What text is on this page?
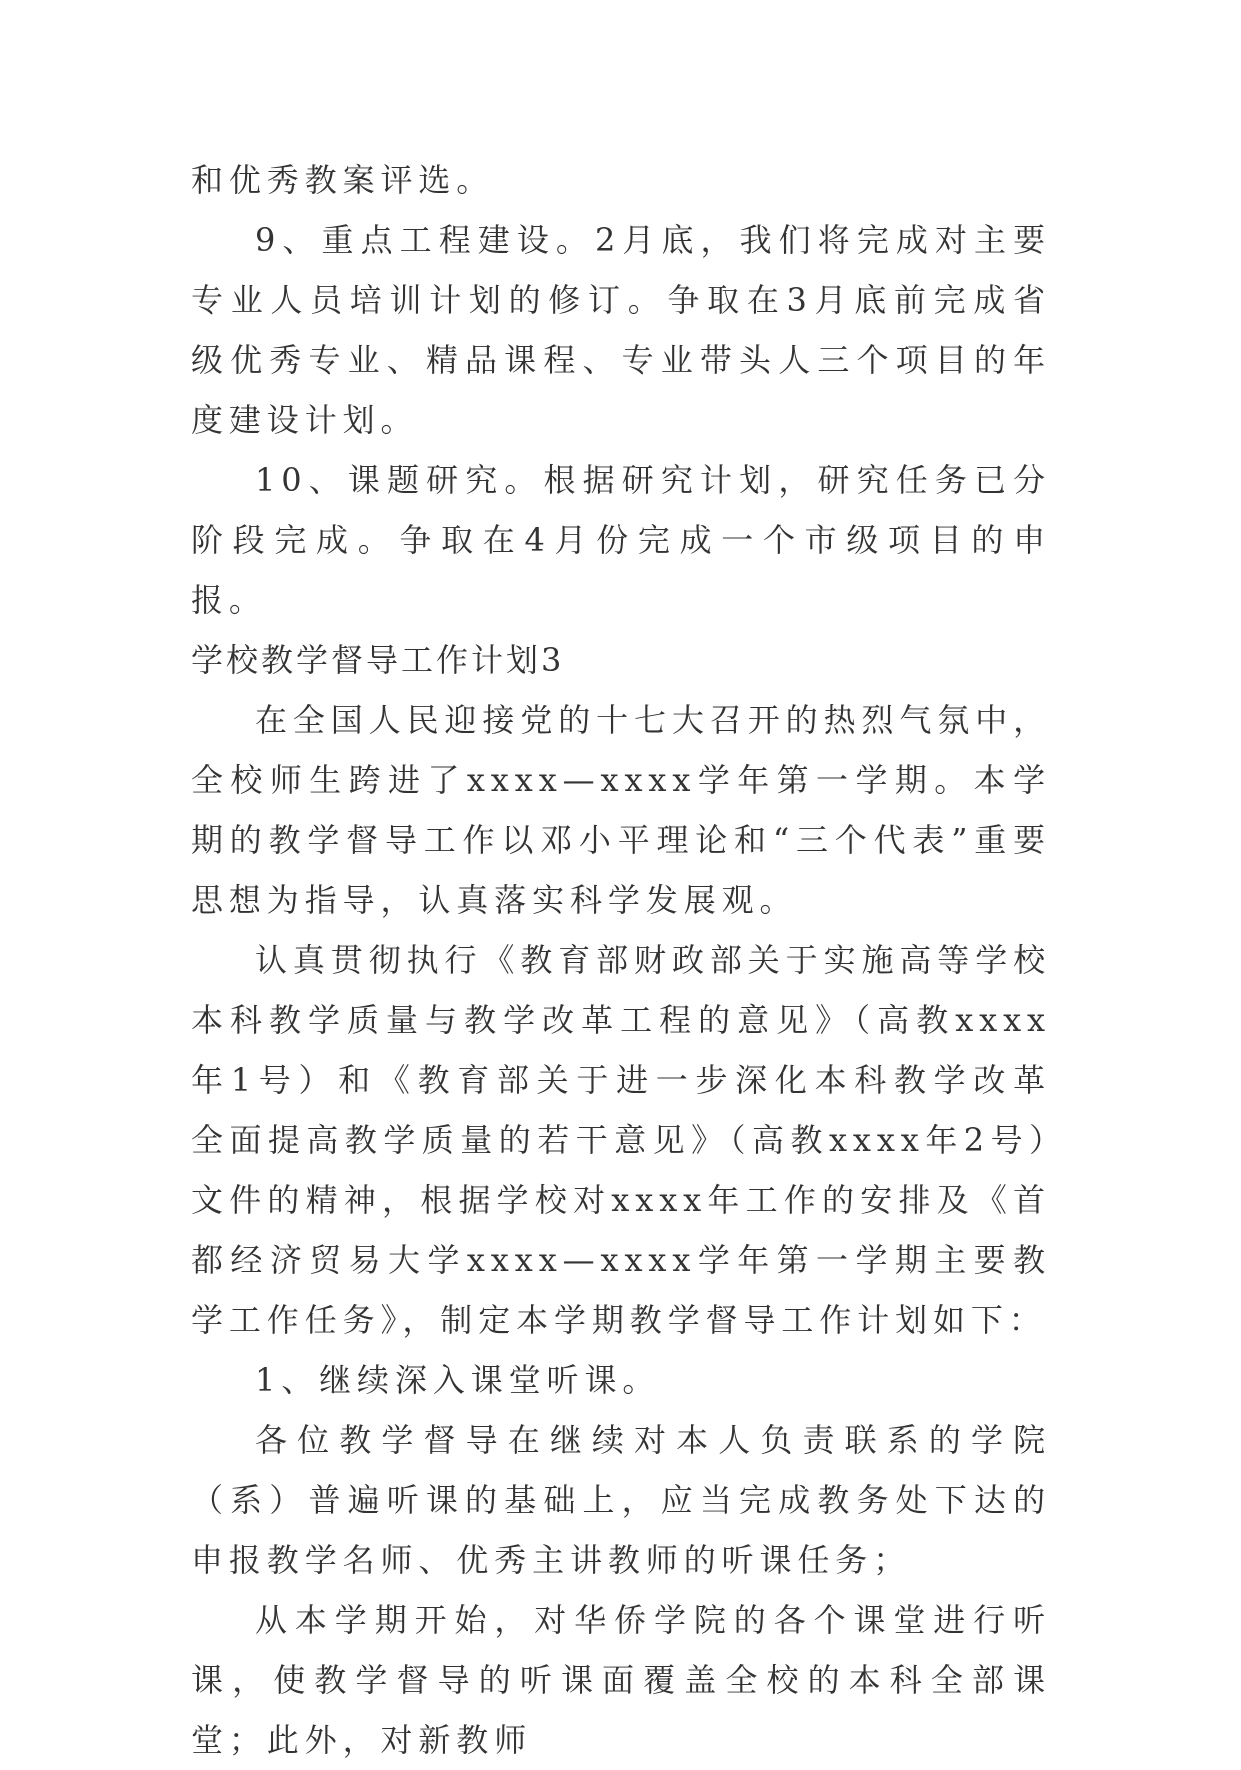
和优秀教案评选。

9、重点工程建设。2月底，我们将完成对主要专业人员培训计划的修订。争取在3月底前完成省级优秀专业、精品课程、专业带头人三个项目的年度建设计划。

10、课题研究。根据研究计划，研究任务已分阶段完成。争取在4月份完成一个市级项目的申报。

学校教学督导工作计划3

在全国人民迎接党的十七大召开的热烈气氛中，全校师生跨进了xxxx—xxxx学年第一学期。本学期的教学督导工作以邓小平理论和“三个代表”重要思想为指导，认真落实科学发展观。

认真贯彻执行《教育部财政部关于实施高等学校本科教学质量与教学改革工程的意见》（高教xxxx年1号）和《教育部关于进一步深化本科教学改革全面提高教学质量的若干意见》（高教xxxx年2号）文件的精神，根据学校对xxxx年工作的安排及《首都经济贸易大学xxxx—xxxx学年第一学期主要教学工作任务》，制定本学期教学督导工作计划如下：

1、继续深入课堂听课。

各位教学督导在继续对本人负责联系的学院（系）普遍听课的基础上，应当完成教务处下达的申报教学名师、优秀主讲教师的听课任务；

从本学期开始，对华侨学院的各个课堂进行听课，使教学督导的听课面覆盖全校的本科全部课堂；此外，对新教师
